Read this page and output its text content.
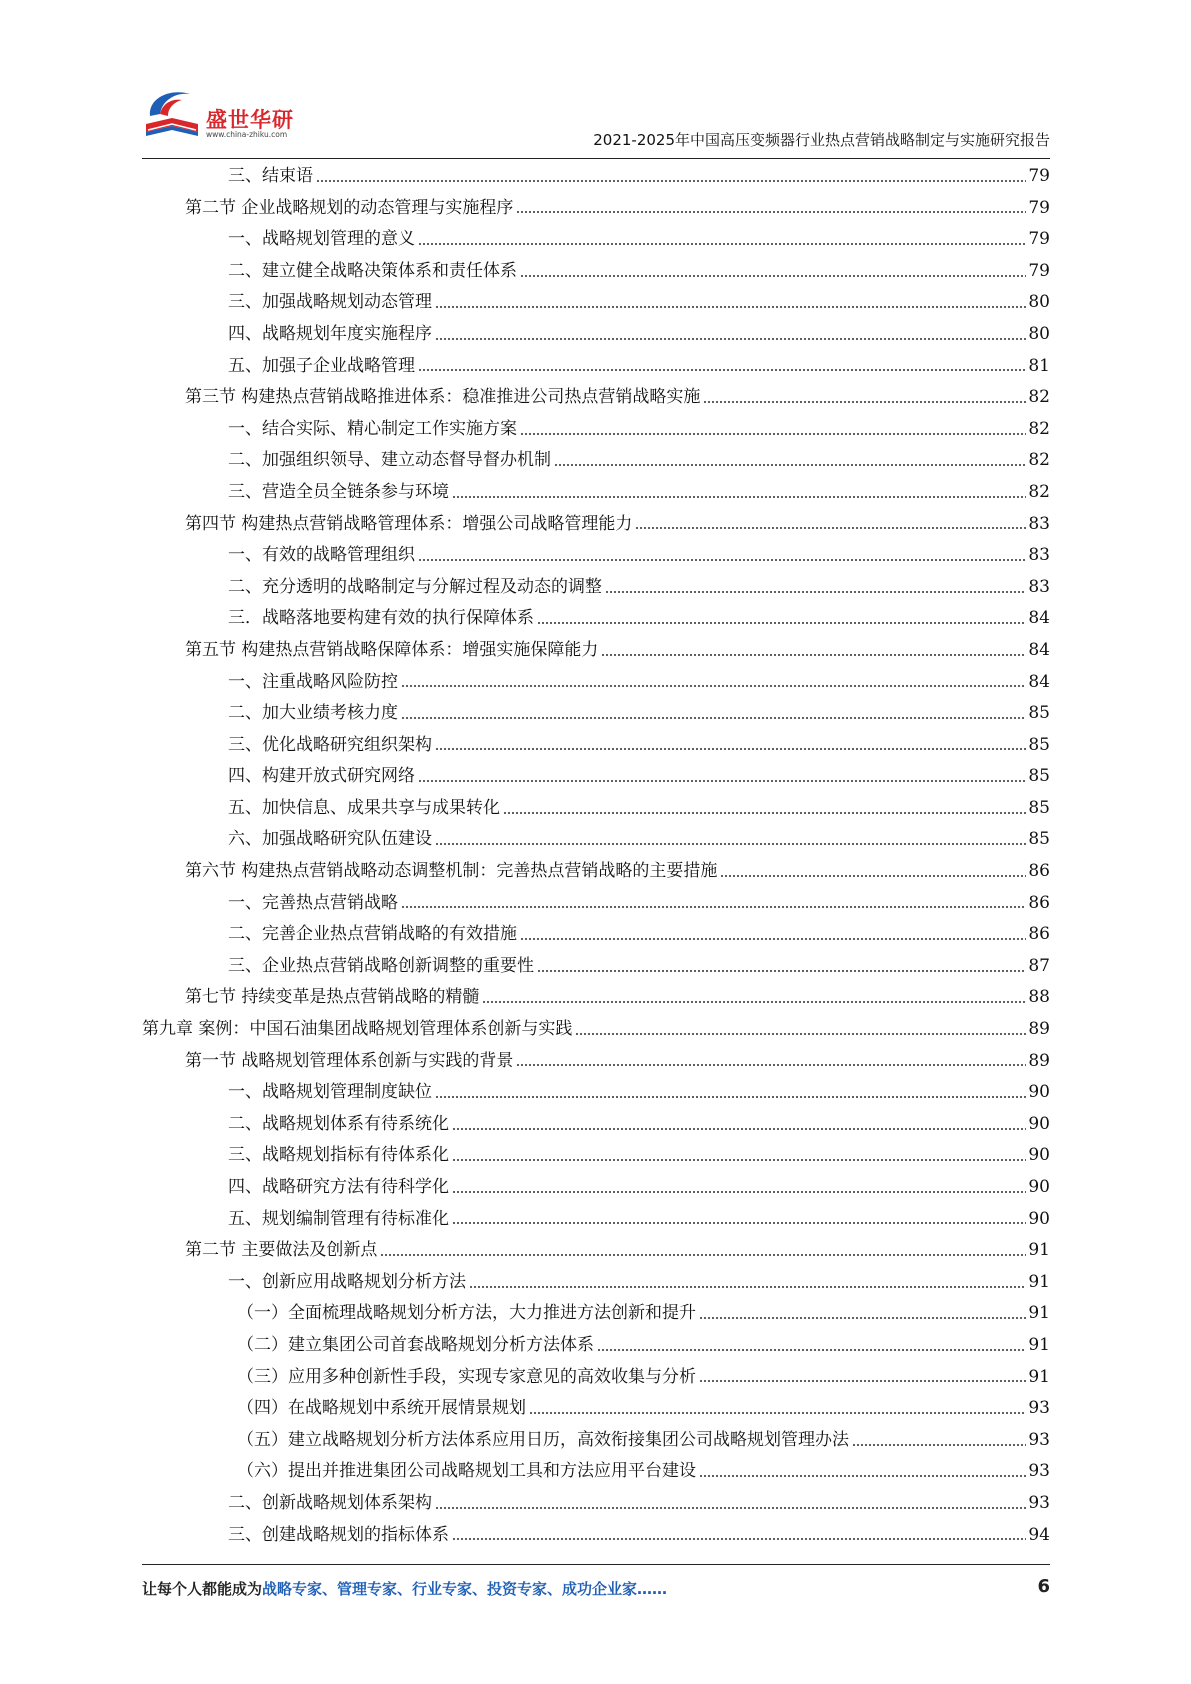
盛世华研
www.china-zhiku.com	2021-2025年中国高压变频器行业热点营销战略制定与实施研究报告
三、结束语	79
第二节 企业战略规划的动态管理与实施程序	79
一、战略规划管理的意义	79
二、建立健全战略决策体系和责任体系	79
三、加强战略规划动态管理	80
四、战略规划年度实施程序	80
五、加强子企业战略管理	81
第三节 构建热点营销战略推进体系：稳准推进公司热点营销战略实施	82
一、结合实际、精心制定工作实施方案	82
二、加强组织领导、建立动态督导督办机制	82
三、营造全员全链条参与环境	82
第四节 构建热点营销战略管理体系：增强公司战略管理能力	83
一、有效的战略管理组织	83
二、充分透明的战略制定与分解过程及动态的调整	83
三．战略落地要构建有效的执行保障体系	84
第五节 构建热点营销战略保障体系：增强实施保障能力	84
一、注重战略风险防控	84
二、加大业绩考核力度	85
三、优化战略研究组织架构	85
四、构建开放式研究网络	85
五、加快信息、成果共享与成果转化	85
六、加强战略研究队伍建设	85
第六节 构建热点营销战略动态调整机制：完善热点营销战略的主要措施	86
一、完善热点营销战略	86
二、完善企业热点营销战略的有效措施	86
三、企业热点营销战略创新调整的重要性	87
第七节 持续变革是热点营销战略的精髓	88
第九章 案例：中国石油集团战略规划管理体系创新与实践	89
第一节 战略规划管理体系创新与实践的背景	89
一、战略规划管理制度缺位	90
二、战略规划体系有待系统化	90
三、战略规划指标有待体系化	90
四、战略研究方法有待科学化	90
五、规划编制管理有待标准化	90
第二节 主要做法及创新点	91
一、创新应用战略规划分析方法	91
（一）全面梳理战略规划分析方法，大力推进方法创新和提升	91
（二）建立集团公司首套战略规划分析方法体系	91
（三）应用多种创新性手段，实现专家意见的高效收集与分析	91
（四）在战略规划中系统开展情景规划	93
（五）建立战略规划分析方法体系应用日历，高效衔接集团公司战略规划管理办法	93
（六）提出并推进集团公司战略规划工具和方法应用平台建设	93
二、创新战略规划体系架构	93
三、创建战略规划的指标体系	94
让每个人都能成为战略专家、管理专家、行业专家、投资专家、成功企业家……	6
